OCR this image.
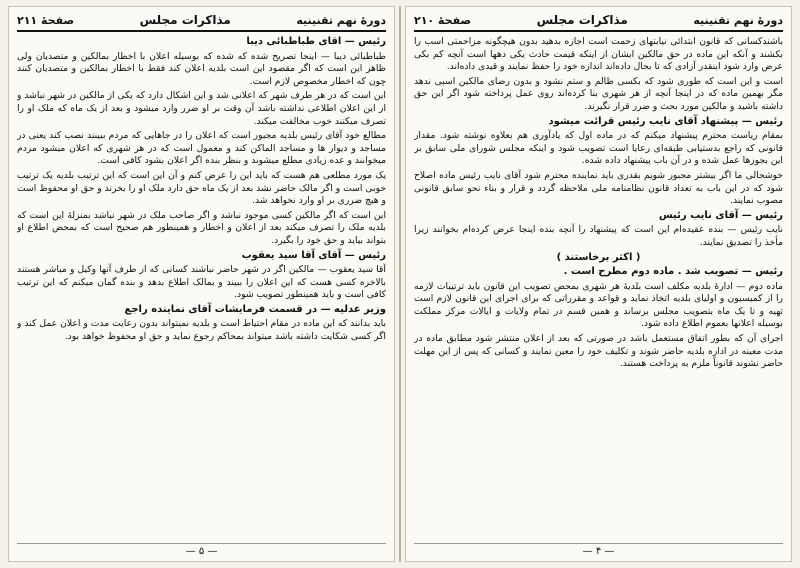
دورهٔ نهم تقنینیه
مذاکرات مجلس
صفحهٔ ۲۱۰

باشندکسانی که قانون ابتدائی نیابتهای زحمت است اجازه بدهید بدون هیچگونه مزاحمتی اسب را بکشند و آنکه این ماده در حق مالکین ایشان از اینکه قیمت حادث یکی دهها است آنچه کم بکی عرض وارد شود اینقدر آزادی که تا بحال داده‌اند اندازه خود را حفظ نمایند و قیدی داده‌اند.

است و این است که طوری شود که بکسی ظالم و ستم نشود و بدون رضای مالکین اسبی ندهد مگر بهمین ماده که در اینجا آنچه از هر شهری بنا کرده‌اند روی عمل پرداخته شود اگر این حق داشته باشید و مالکین مورد بحث و ضرر قرار نگیرند.

رئیس — پیشنهاد آقای نایب رئیس قرائت میشود

بمقام ریاست محترم پیشنهاد میکنم که در ماده اول که یادآوری هم بعلاوه نوشته شود. مقدار قانونی که راجع بدستیابی طبقه‌ای رعایا است تصویب شود و اینکه مجلس شورای ملی سابق بر این بجوزها عمل شده و در آن باب پیشنهاد داده شده.

خوشحالی ما اگر بیشتر مجبور شویم بقدری باید نماینده محترم شود آقای نایب رئیس ماده اصلاح شود که در این باب به تعداد قانون نظامنامه ملی ملاحظه گردد و قرار و بناء نحو سابق قانونی مصوب نمایند.

رئیس — آقای نایب رئیس

نایب رئیس — بنده عقیده‌ام این است که پیشنهاد را آنچه بنده اینجا عرض کرده‌ام بخوانند زیرا مأخذ را تصدیق نمایند.

( اکثر برخاستند )

رئیس — تصویب شد . ماده دوم مطرح است .

ماده دوم — ادارهٔ بلدیه مکلف است بلدیهٔ هر شهری بمحض تصویب این قانون باید ترتیبات لازمه را از کمیسیون و اولیای بلدیه اتخاذ نماید و قواعد و مقرراتی که برای اجرای این قانون لازم است تهیه و تا یک ماه بتصویب مجلس برساند و همین قسم در تمام ولایات و ایالات مرکز مملکت بوسیله اعلانها بعموم اطلاع داده شود.

اجرای آن که بطور اتفاق مستعمل باشد در صورتی که بعد از اعلان منتشر شود مطابق ماده در مدت معینه در اداره بلدیه حاضر شوند و تکلیف خود را معین نمایند و کسانی که پس از این مهلت حاضر نشوند قانوناً ملزم به پرداخت هستند.

— ۴ —
دورهٔ نهم تقنینیه
مذاکرات مجلس
صفحهٔ ۲۱۱

رئیس — آقای طباطبائی دیبا

طباطبائی دیبا — اینجا تصریح شده که شده که بوسیله اعلان با اخطار بمالکین و متصدیان ولی ظاهر این است که اگر مقصود این است بلدیه اعلان کند فقط با اخطار بمالکین و متصدیان کنند چون که اخطار مخصوص لازم است.

این است که در هر طرف شهر که اعلانی شد و این اشکال دارد که یکی از مالکین در شهر نباشد و از این اعلان اطلاعی نداشته باشد آن وقت بر او ضرر وارد میشود و بعد از یک ماه که ملک او را تصرف میکنند خوب مخالفت میکند.

مطالع خود آقای رئیس بلدیه مجبور است که اعلان را در جاهایی که مردم ببینند نصب کند یعنی در مساجد و دیوار ها و مساجد الماکن کند و معمول است که در هر شهری که اعلان میشود مردم میخوانند و عده زیادی مطلع میشوند و بنظر بنده اگر اعلان بشود کافی است.

یک مورد مطلعی هم هست که باید این را عرض کنم و آن این است که این ترتیب بلدیه یک ترتیب خوبی است و اگر مالک حاضر نشد بعد از یک ماه حق دارد ملک او را بخرند و حق او محفوظ است و هیچ ضرری بر او وارد نخواهد شد.

این است که اگر مالکین کسی موجود نباشد و اگر صاحب ملک در شهر نباشد بمنزلهٔ این است که بلدیه ملک را تصرف میکند بعد از اعلان و اخطار و همینطور هم صحیح است که بمحض اطلاع او بتواند بیاید و حق خود را بگیرد.

رئیس — آقای آقا سید یعقوب

آقا سید یعقوب — مالکین اگر در شهر حاضر نباشند کسانی که از طرف آنها وکیل و مباشر هستند بالاخره کسی هست که این اعلان را ببیند و بمالک اطلاع بدهد و بنده گمان میکنم که این ترتیب کافی است و باید همینطور تصویب شود.

وزیر عدلیه — در قسمت فرمایشات آقای نماینده راجع

باید بدانند که این ماده در مقام احتیاط است و بلدیه نمیتواند بدون رعایت مدت و اعلان عمل کند و اگر کسی شکایت داشته باشد میتواند بمحاکم رجوع نماید و حق او محفوظ خواهد بود.

— ۵ —
